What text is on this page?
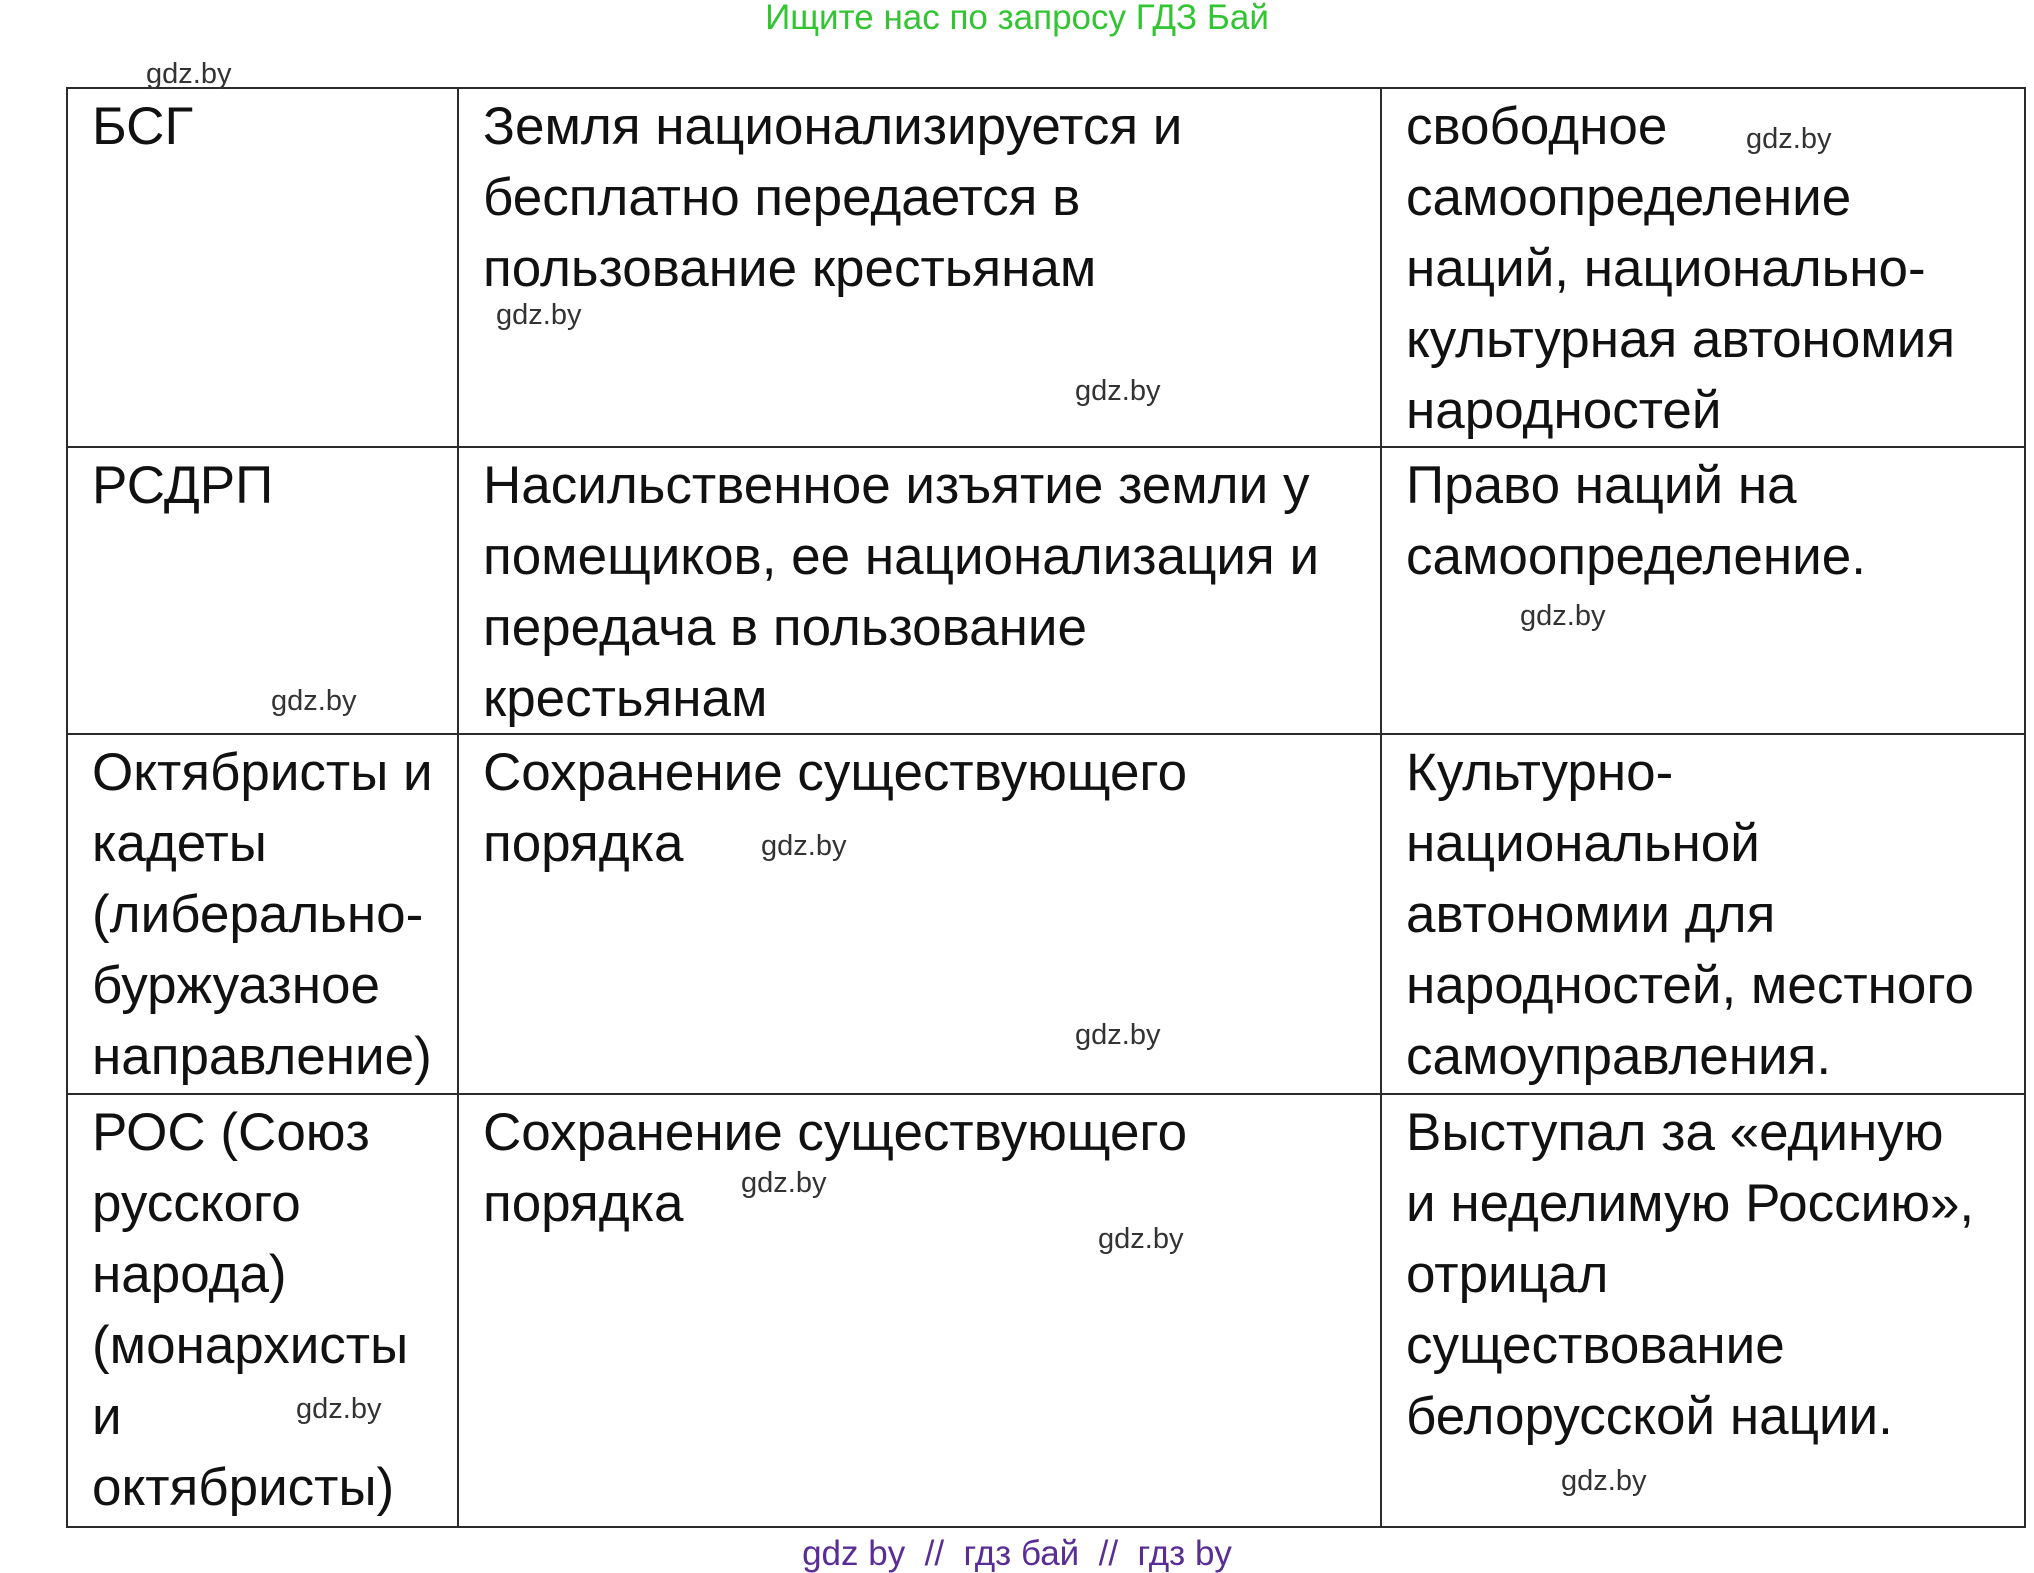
Ищите нас по запросу ГДЗ Бай
БСГ	Земля национализируется и
бесплатно передается в
пользование крестьянам
свободное
самоопределение
наций, национально-
культурная автономия
народностей
РСДРП	Насильственное изъятие земли у
помещиков, ее национализация и
передача в пользование
крестьянам
Право наций на
самоопределение.
Октябристы и
кадеты
(либерально-
буржуазное
направление)
Сохранение существующего
порядка
Культурно-
национальной
автономии для
народностей, местного
самоуправления.
РОС (Союз
русского
народа)
(монархисты
и
октябристы)
Сохранение существующего
порядка
Выступал за «единую
и неделимую Россию»,
отрицал
существование
белорусской нации.
gdz.by
gdz.by
gdz.by
gdz.by
gdz.by
gdz.by
gdz.by
gdz.by
gdz.by
gdz.by
gdz.by
gdz.by
gdz by  //  гдз бай  //  гдз by
